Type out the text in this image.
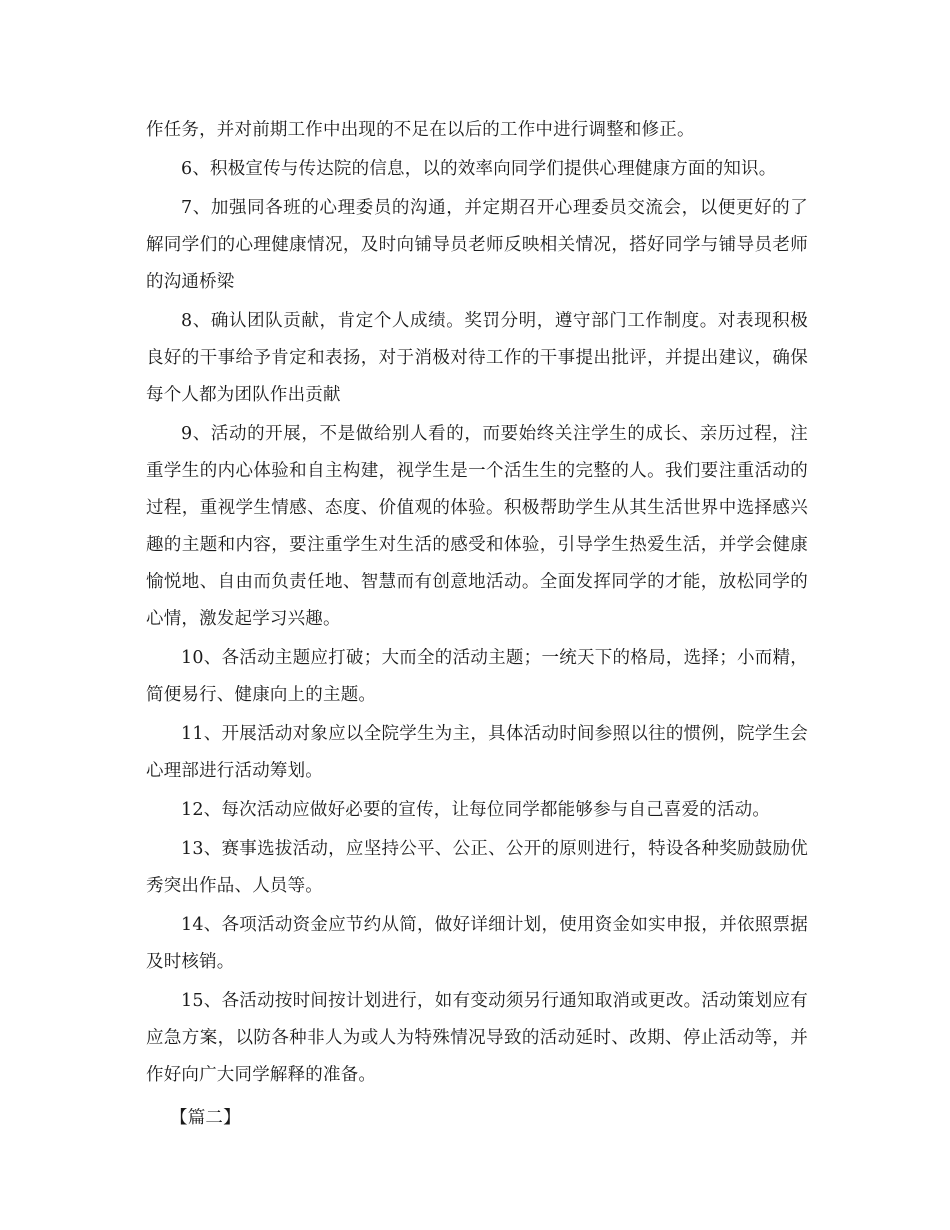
作任务，并对前期工作中出现的不足在以后的工作中进行调整和修正。

6、积极宣传与传达院的信息，以的效率向同学们提供心理健康方面的知识。

7、加强同各班的心理委员的沟通，并定期召开心理委员交流会，以便更好的了解同学们的心理健康情况，及时向铺导员老师反映相关情况，搭好同学与铺导员老师的沟通桥梁

8、确认团队贡献，肯定个人成绩。奖罚分明，遵守部门工作制度。对表现积极良好的干事给予肯定和表扬，对于消极对待工作的干事提出批评，并提出建议，确保每个人都为团队作出贡献

9、活动的开展，不是做给别人看的，而要始终关注学生的成长、亲历过程，注重学生的内心体验和自主构建，视学生是一个活生生的完整的人。我们要注重活动的过程，重视学生情感、态度、价值观的体验。积极帮助学生从其生活世界中选择感兴趣的主题和内容，要注重学生对生活的感受和体验，引导学生热爱生活，并学会健康愉悦地、自由而负责任地、智慧而有创意地活动。全面发挥同学的才能，放松同学的心情，激发起学习兴趣。

10、各活动主题应打破；大而全的活动主题；一统天下的格局，选择；小而精，简便易行、健康向上的主题。

11、开展活动对象应以全院学生为主，具体活动时间参照以往的惯例，院学生会心理部进行活动筹划。

12、每次活动应做好必要的宣传，让每位同学都能够参与自己喜爱的活动。

13、赛事选拔活动，应坚持公平、公正、公开的原则进行，特设各种奖励鼓励优秀突出作品、人员等。

14、各项活动资金应节约从简，做好详细计划，使用资金如实申报，并依照票据及时核销。

15、各活动按时间按计划进行，如有变动须另行通知取消或更改。活动策划应有应急方案，以防各种非人为或人为特殊情况导致的活动延时、改期、停止活动等，并作好向广大同学解释的准备。

【篇二】
